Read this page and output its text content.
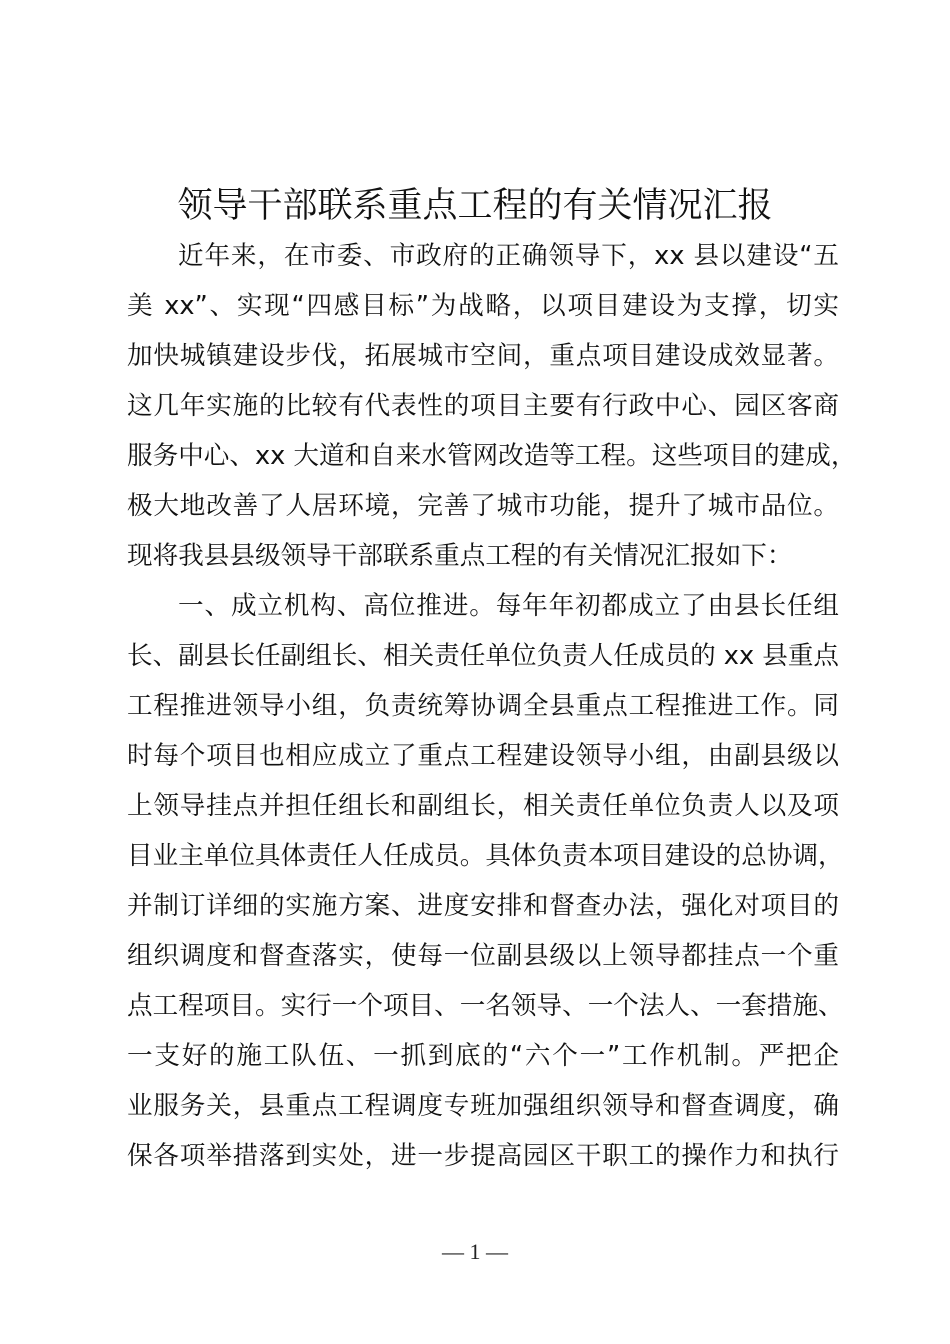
领导干部联系重点工程的有关情况汇报
近年来，在市委、市政府的正确领导下，xx 县以建设“五
美 xx”、实现“四感目标”为战略，以项目建设为支撑，切实
加快城镇建设步伐，拓展城市空间，重点项目建设成效显著。
这几年实施的比较有代表性的项目主要有行政中心、园区客商
服务中心、xx 大道和自来水管网改造等工程。这些项目的建成，
极大地改善了人居环境，完善了城市功能，提升了城市品位。
现将我县县级领导干部联系重点工程的有关情况汇报如下：
一、成立机构、高位推进。每年年初都成立了由县长任组
长、副县长任副组长、相关责任单位负责人任成员的 xx 县重点
工程推进领导小组，负责统筹协调全县重点工程推进工作。同
时每个项目也相应成立了重点工程建设领导小组，由副县级以
上领导挂点并担任组长和副组长，相关责任单位负责人以及项
目业主单位具体责任人任成员。具体负责本项目建设的总协调，
并制订详细的实施方案、进度安排和督查办法，强化对项目的
组织调度和督查落实，使每一位副县级以上领导都挂点一个重
点工程项目。实行一个项目、一名领导、一个法人、一套措施、
一支好的施工队伍、一抓到底的“六个一”工作机制。严把企
业服务关，县重点工程调度专班加强组织领导和督查调度，确
保各项举措落到实处，进一步提高园区干职工的操作力和执行
— 1 —
